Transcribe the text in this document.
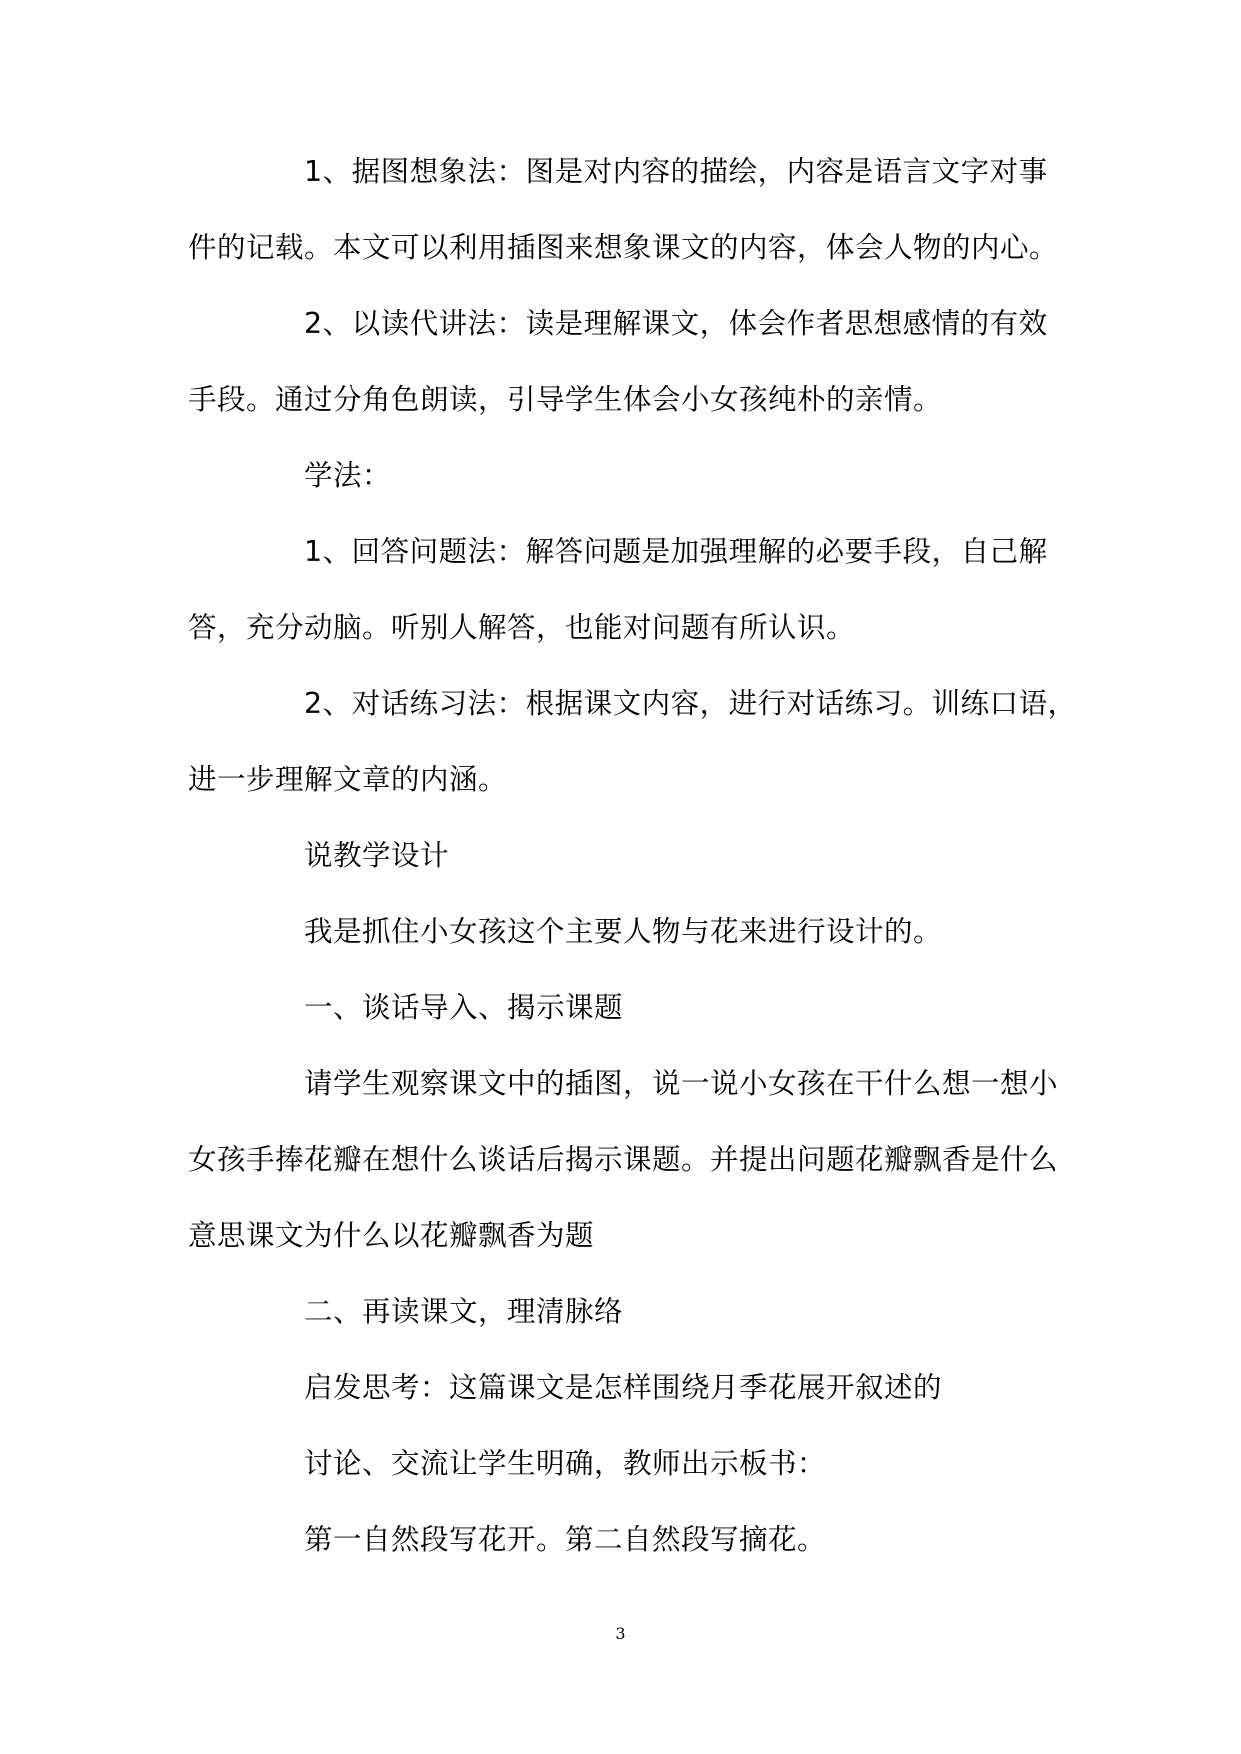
1、据图想象法：图是对内容的描绘，内容是语言文字对事

件的记载。本文可以利用插图来想象课文的内容，体会人物的内心。

2、以读代讲法：读是理解课文，体会作者思想感情的有效

手段。通过分角色朗读，引导学生体会小女孩纯朴的亲情。

学法：

1、回答问题法：解答问题是加强理解的必要手段，自己解

答，充分动脑。听别人解答，也能对问题有所认识。

2、对话练习法：根据课文内容，进行对话练习。训练口语，

进一步理解文章的内涵。

说教学设计

我是抓住小女孩这个主要人物与花来进行设计的。

一、谈话导入、揭示课题

请学生观察课文中的插图，说一说小女孩在干什么想一想小

女孩手捧花瓣在想什么谈话后揭示课题。并提出问题花瓣飘香是什么

意思课文为什么以花瓣飘香为题

二、再读课文，理清脉络

启发思考：这篇课文是怎样围绕月季花展开叙述的

讨论、交流让学生明确，教师出示板书：

第一自然段写花开。第二自然段写摘花。

3
